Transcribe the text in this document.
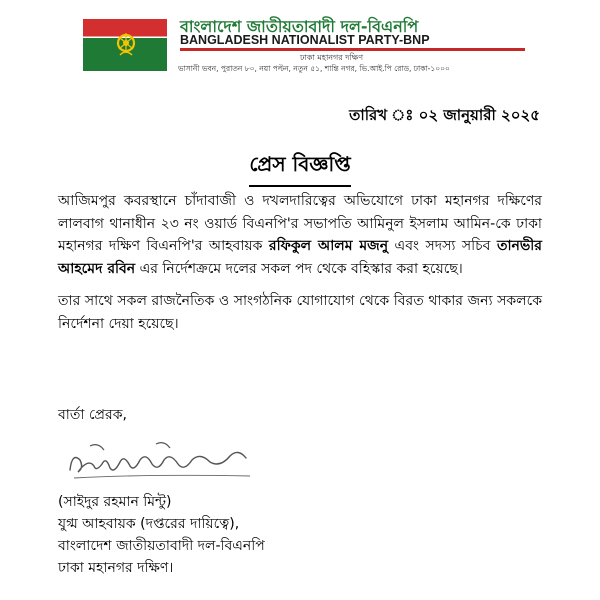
বাংলাদেশ জাতীয়তাবাদী দল-বিএনপি
BANGLADESH NATIONALIST PARTY-BNP
ঢাকা মহানগর দক্ষিণ
ভাসানী ভবন, পুরাতন ৮০, নয়া পল্টন, নতুন ৫১, শান্তি নগর, ভি.আই.পি রোড, ঢাকা-১০০০
তারিখ ০২ জানুয়ারী ২০২৫
প্রেস বিজ্ঞপ্তি

আজিমপুর কবরস্থানে চাঁদাবাজী ও দখলদারিত্বের অভিযোগে ঢাকা মহানগর দক্ষিণের লালবাগ থানাধীন ২৩ নং ওয়ার্ড বিএনপি'র সভাপতি আমিনুল ইসলাম আমিন-কে ঢাকা মহানগর দক্ষিণ বিএনপি'র আহবায়ক রফিকুল আলম মজনু এবং সদস্য সচিব তানভীর আহমেদ রবিন এর নির্দেশক্রমে দলের সকল পদ থেকে বহিস্কার করা হয়েছে।

তার সাথে সকল রাজনৈতিক ও সাংগঠনিক যোগাযোগ থেকে বিরত থাকার জন্য সকলকে নির্দেশনা দেয়া হয়েছে।

বার্তা প্রেরক,
(সাইদুর রহমান মিন্টু)
যুগ্ম আহবায়ক (দপ্তরের দায়িত্বে),
বাংলাদেশ জাতীয়তাবাদী দল-বিএনপি
ঢাকা মহানগর দক্ষিণ।
